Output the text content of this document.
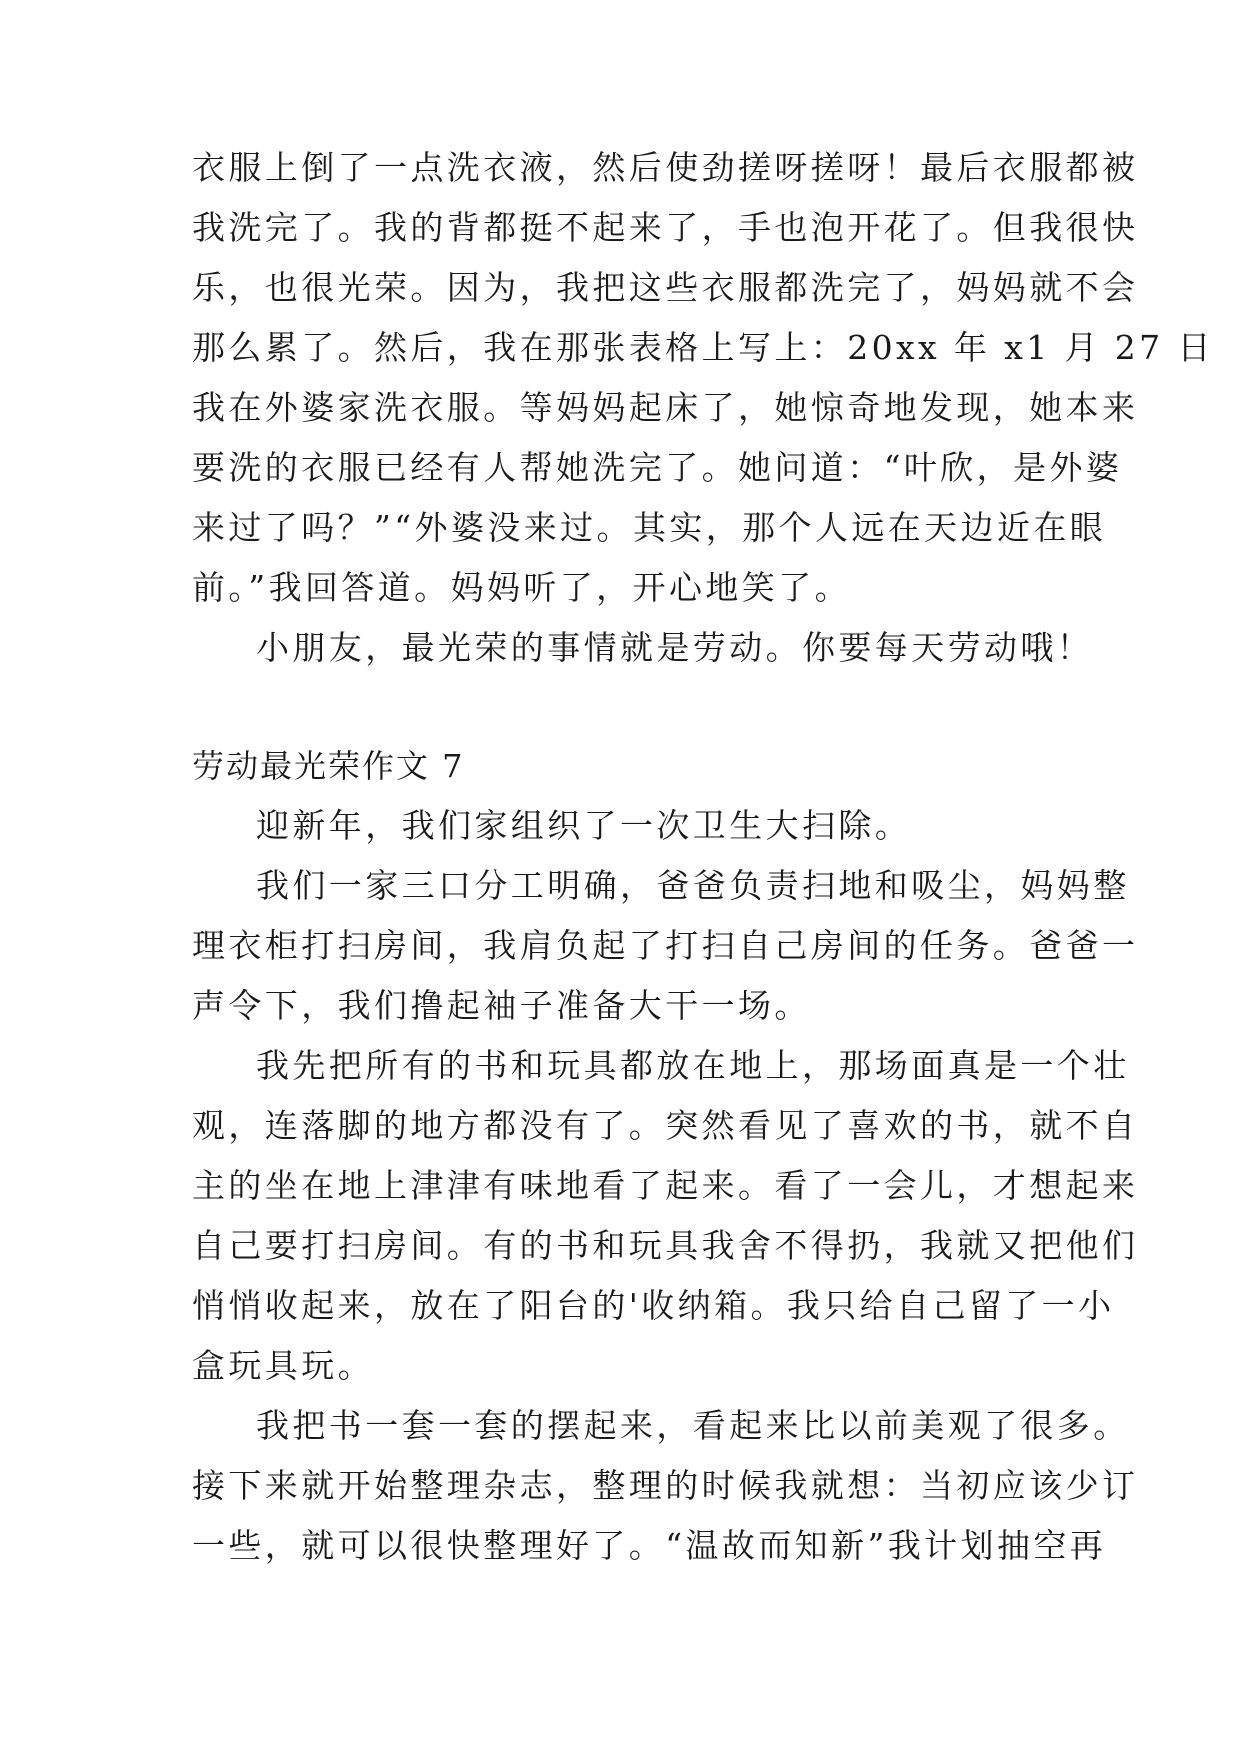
衣服上倒了一点洗衣液，然后使劲搓呀搓呀！最后衣服都被
我洗完了。我的背都挺不起来了，手也泡开花了。但我很快
乐，也很光荣。因为，我把这些衣服都洗完了，妈妈就不会
那么累了。然后，我在那张表格上写上：20xx 年 x1 月 27 日
我在外婆家洗衣服。等妈妈起床了，她惊奇地发现，她本来
要洗的衣服已经有人帮她洗完了。她问道：“叶欣，是外婆
来过了吗？”“外婆没来过。其实，那个人远在天边近在眼
前。”我回答道。妈妈听了，开心地笑了。
小朋友，最光荣的事情就是劳动。你要每天劳动哦！
劳动最光荣作文 7
迎新年，我们家组织了一次卫生大扫除。
我们一家三口分工明确，爸爸负责扫地和吸尘，妈妈整
理衣柜打扫房间，我肩负起了打扫自己房间的任务。爸爸一
声令下，我们撸起袖子准备大干一场。
我先把所有的书和玩具都放在地上，那场面真是一个壮
观，连落脚的地方都没有了。突然看见了喜欢的书，就不自
主的坐在地上津津有味地看了起来。看了一会儿，才想起来
自己要打扫房间。有的书和玩具我舍不得扔，我就又把他们
悄悄收起来，放在了阳台的'收纳箱。我只给自己留了一小
盒玩具玩。
我把书一套一套的摆起来，看起来比以前美观了很多。
接下来就开始整理杂志，整理的时候我就想：当初应该少订
一些，就可以很快整理好了。“温故而知新”我计划抽空再
